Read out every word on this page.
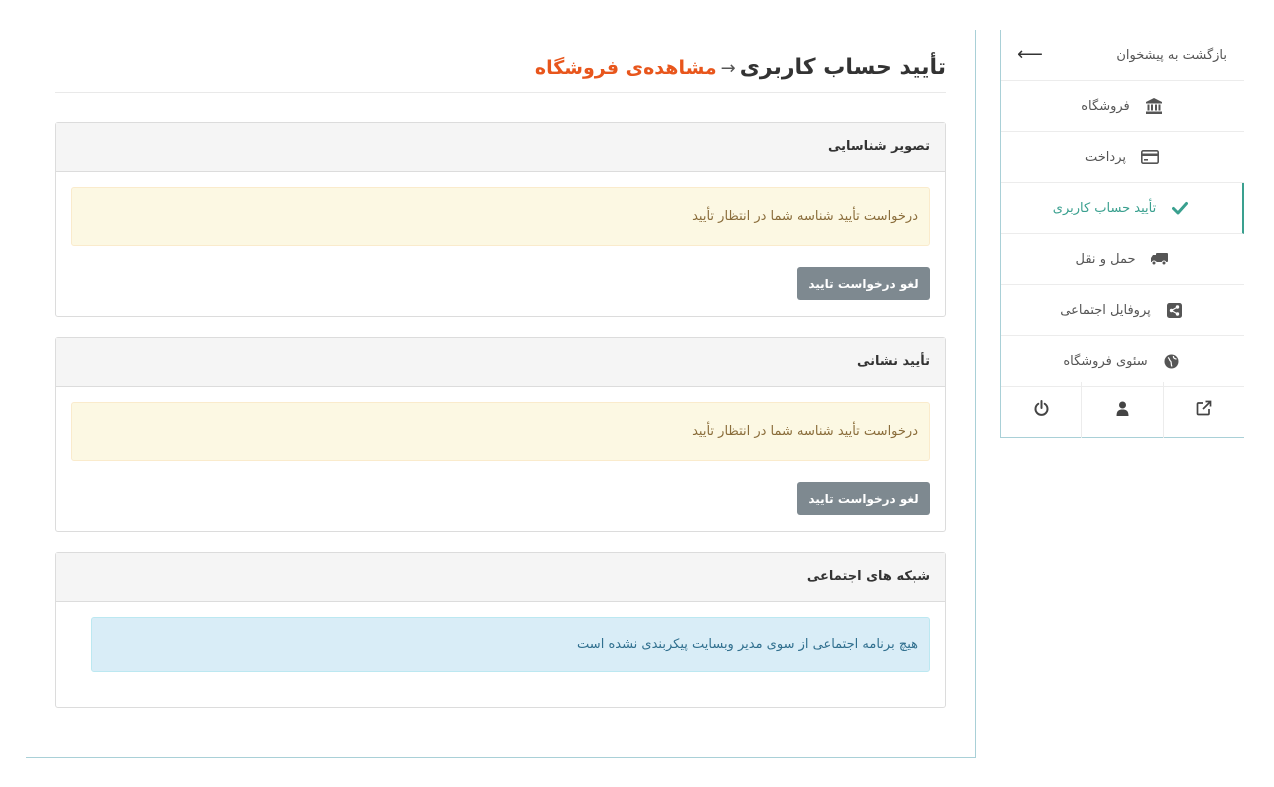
تأیید حساب کاربری→مشاهده‌ی فروشگاه
تصویر شناسایی
درخواست تأیید شناسه شما در انتظار تأیید
لغو درخواست تایید
تأیید نشانی
درخواست تأیید شناسه شما در انتظار تأیید
لغو درخواست تایید
شبکه های اجتماعی
هیچ برنامه اجتماعی از سوی مدیر وبسایت پیکربندی نشده است
بازگشت به پیشخوان
⟵
فروشگاه
پرداخت
تأیید حساب کاربری
حمل و نقل
پروفایل اجتماعی
سئوی فروشگاه
